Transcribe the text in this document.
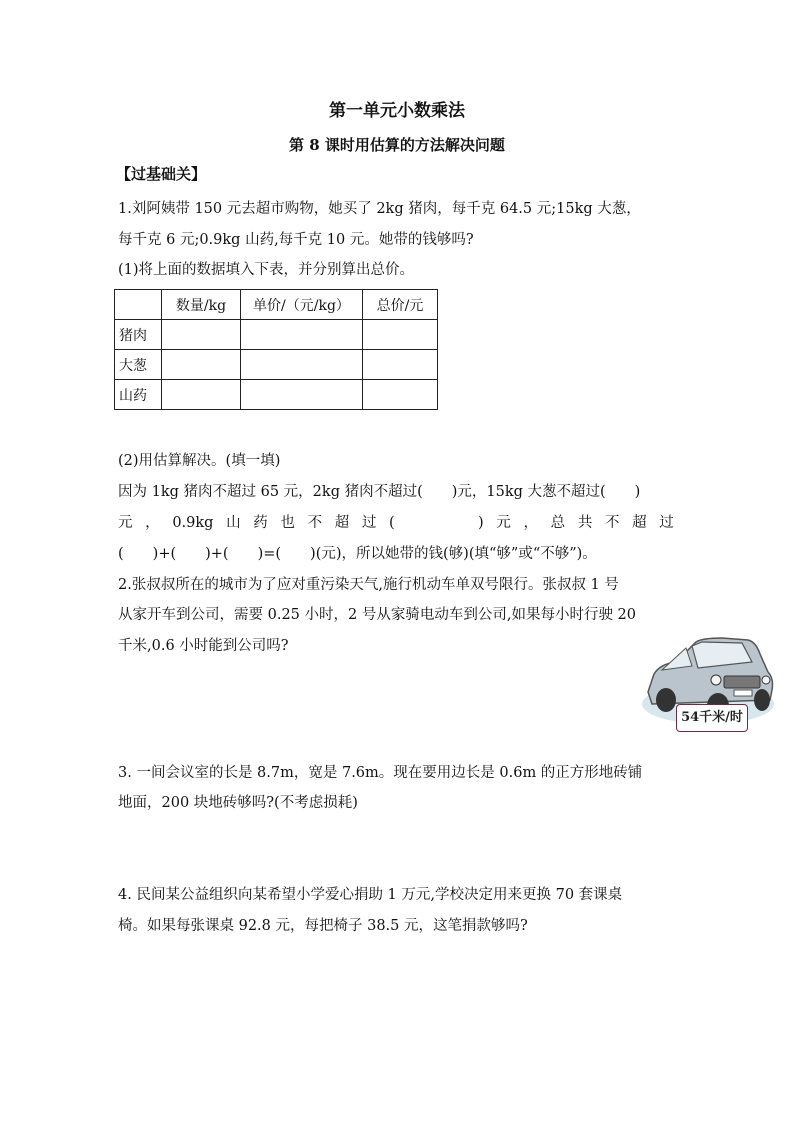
第一单元小数乘法
第 8 课时用估算的方法解决问题
【过基础关】
1.刘阿姨带 150 元去超市购物，她买了 2kg 猪肉，每千克 64.5 元;15kg 大葱，
每千克 6 元;0.9kg 山药,每千克 10 元。她带的钱够吗?
(1)将上面的数据填入下表，并分别算出总价。
	数量/kg	单价/（元/kg）	总价/元
猪肉			
大葱			
山药			
(2)用估算解决。(填一填)
因为 1kg 猪肉不超过 65 元，2kg 猪肉不超过(　　)元，15kg 大葱不超过(　　)
元 ， 0.9kg 山 药 也 不 超 过 (
　　　　	) 元 ， 总 共 不 超 过
(　　)+(　　)+(　　)=(　　)(元)，所以她带的钱(够)(填“够”或“不够”)。
2.张叔叔所在的城市为了应对重污染天气,施行机动车单双号限行。张叔叔 1 号
从家开车到公司，需要 0.25 小时，2 号从家骑电动车到公司,如果每小时行驶 20
千米,0.6 小时能到公司吗?
54千米/时
3. 一间会议室的长是 8.7m，宽是 7.6m。现在要用边长是 0.6m 的正方形地砖铺
地面，200 块地砖够吗?(不考虑损耗)
4. 民间某公益组织向某希望小学爱心捐助 1 万元,学校决定用来更换 70 套课桌
椅。如果每张课桌 92.8 元，每把椅子 38.5 元，这笔捐款够吗?
